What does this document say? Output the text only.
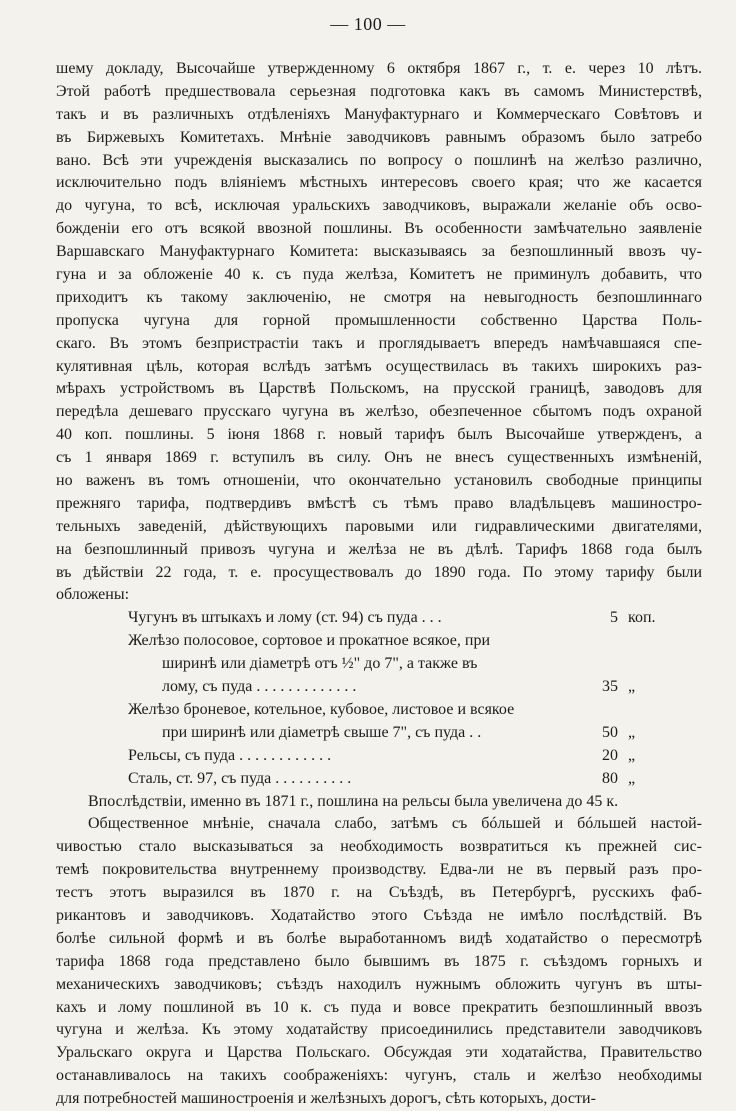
— 100 —
шему докладу, Высочайше утвержденному 6 октября 1867 г., т. е. через 10 лѣтъ.
Этой работѣ предшествовала серьезная подготовка какъ въ самомъ Министерствѣ,
такъ и въ различныхъ отдѣленіяхъ Мануфактурнаго и Коммерческаго Совѣтовъ и
въ Биржевыхъ Комитетахъ. Мнѣніе заводчиковъ равнымъ образомъ было затребо
вано. Всѣ эти учрежденія высказались по вопросу о пошлинѣ на желѣзо различно,
исключительно подъ вліяніемъ мѣстныхъ интересовъ своего края; что же касается
до чугуна, то всѣ, исключая уральскихъ заводчиковъ, выражали желаніе объ осво-
божденіи его отъ всякой ввозной пошлины. Въ особенности замѣчательно заявленіе
Варшавскаго Мануфактурнаго Комитета: высказываясь за безпошлинный ввозъ чу-
гуна и за обложеніе 40 к. съ пуда желѣза, Комитетъ не приминулъ добавить, что
приходитъ къ такому заключенію, не смотря на невыгодность безпошлиннаго
пропуска чугуна для горной промышленности собственно Царства Поль-
скаго. Въ этомъ безпристрастіи такъ и проглядываетъ впередъ намѣчавшаяся спе-
кулятивная цѣль, которая вслѣдъ затѣмъ осуществилась въ такихъ широкихъ раз-
мѣрахъ устройствомъ въ Царствѣ Польскомъ, на прусской границѣ, заводовъ для
передѣла дешеваго прусскаго чугуна въ желѣзо, обезпеченное сбытомъ подъ охраной
40 коп. пошлины. 5 іюня 1868 г. новый тарифъ былъ Высочайше утвержденъ, а
съ 1 января 1869 г. вступилъ въ силу. Онъ не внесъ существенныхъ измѣненій,
но важенъ въ томъ отношеніи, что окончательно установилъ свободные принципы
прежняго тарифа, подтвердивъ вмѣстѣ съ тѣмъ право владѣльцевъ машиностро-
тельныхъ заведеній, дѣйствующихъ паровыми или гидравлическими двигателями,
на безпошлинный привозъ чугуна и желѣза не въ дѣлѣ. Тарифъ 1868 года былъ
въ дѣйствіи 22 года, т. е. просуществовалъ до 1890 года. По этому тарифу были
обложены:
Чугунъ въ штыкахъ и лому (ст. 94) съ пуда . . .	5 коп.
Желѣзо полосовое, сортовое и прокатное всякое, при
ширинѣ или діаметрѣ отъ ½" до 7", а также въ
лому, съ пуда . . . . . . . . . . . . .	35 „
Желѣзо броневое, котельное, кубовое, листовое и всякое
при ширинѣ или діаметрѣ свыше 7", съ пуда . .	50 „
Рельсы, съ пуда . . . . . . . . . . . .	20 „
Сталь, ст. 97, съ пуда . . . . . . . . . .	80 „
Впослѣдствіи, именно въ 1871 г., пошлина на рельсы была увеличена до 45 к.
Общественное мнѣніе, сначала слабо, затѣмъ съ бóльшей и бóльшей настой-
чивостью стало высказываться за необходимость возвратиться къ прежней сис-
темѣ покровительства внутреннему производству. Едва-ли не въ первый разъ про-
тестъ этотъ выразился въ 1870 г. на Съѣздѣ, въ Петербургѣ, русскихъ фаб-
рикантовъ и заводчиковъ. Ходатайство этого Съѣзда не имѣло послѣдствій. Въ
болѣе сильной формѣ и въ болѣе выработанномъ видѣ ходатайство о пересмотрѣ
тарифа 1868 года представлено было бывшимъ въ 1875 г. съѣздомъ горныхъ и
механическихъ заводчиковъ; съѣздъ находилъ нужнымъ обложить чугунъ въ шты-
кахъ и лому пошлиной въ 10 к. съ пуда и вовсе прекратить безпошлинный ввозъ
чугуна и желѣза. Къ этому ходатайству присоединились представители заводчиковъ
Уральскаго округа и Царства Польскаго. Обсуждая эти ходатайства, Правительство
останавливалось на такихъ соображеніяхъ: чугунъ, сталь и желѣзо необходимы
для потребностей машиностроенія и желѣзныхъ дорогъ, сѣть которыхъ, дости-
